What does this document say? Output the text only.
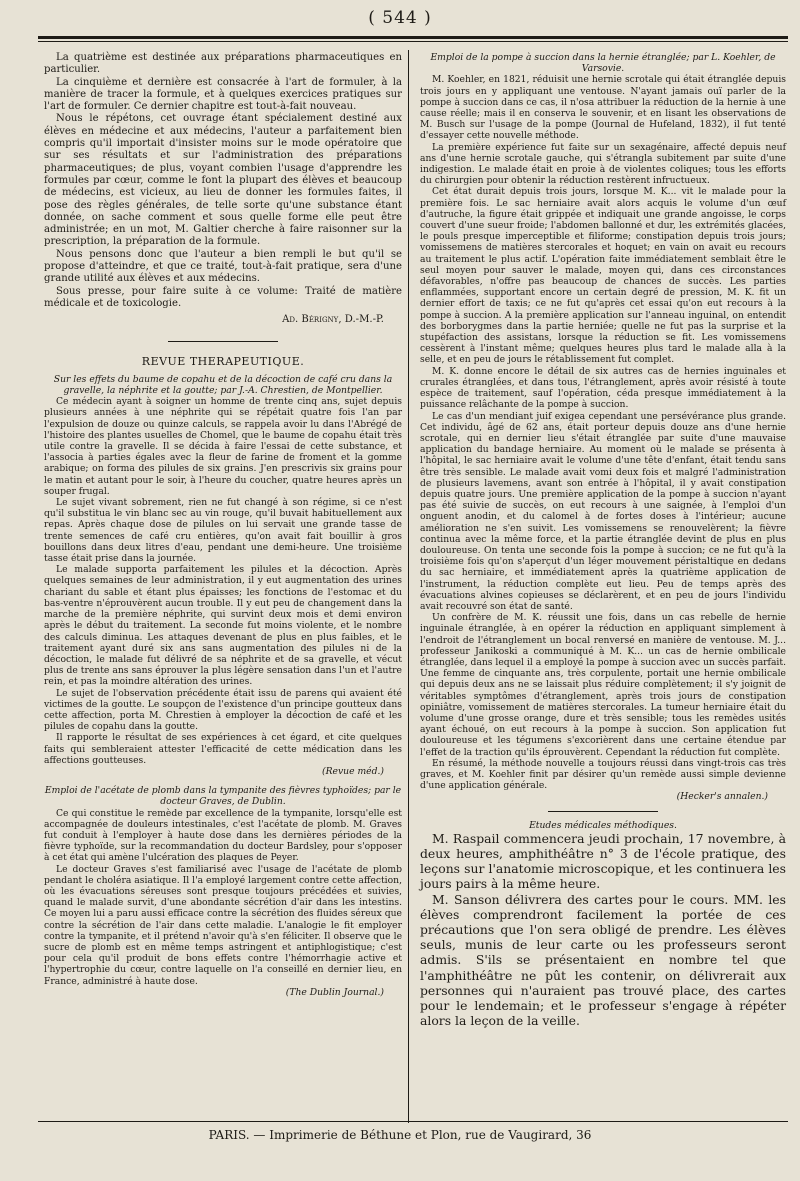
( 544 )

La quatrième est destinée aux préparations pharmaceutiques en particulier.

La cinquième et dernière est consacrée à l'art de formuler, à la manière de tracer la formule, et à quelques exercices pratiques sur l'art de formuler. Ce dernier chapitre est tout-à-fait nouveau.

Nous le répétons, cet ouvrage étant spécialement destiné aux élèves en médecine et aux médecins, l'auteur a parfaitement bien compris qu'il importait d'insister moins sur le mode opératoire que sur ses résultats et sur l'administration des préparations pharmaceutiques; de plus, voyant combien l'usage d'apprendre les formules par cœur, comme le font la plupart des élèves et beaucoup de médecins, est vicieux, au lieu de donner les formules faites, il pose des règles générales, de telle sorte qu'une substance étant donnée, on sache comment et sous quelle forme elle peut être administrée; en un mot, M. Galtier cherche à faire raisonner sur la prescription, la préparation de la formule.

Nous pensons donc que l'auteur a bien rempli le but qu'il se propose d'atteindre, et que ce traité, tout-à-fait pratique, sera d'une grande utilité aux élèves et aux médecins.

Sous presse, pour faire suite à ce volume: Traité de matière médicale et de toxicologie.

Ad. Bérigny, D.-M.-P.
REVUE THERAPEUTIQUE.

Sur les effets du baume de copahu et de la décoction de café cru dans la gravelle, la néphrite et la goutte; par J.-A. Chrestien, de Montpellier.

Ce médecin ayant à soigner un homme de trente cinq ans, sujet depuis plusieurs années à une néphrite qui se répétait quatre fois l'an par l'expulsion de douze ou quinze calculs, se rappela avoir lu dans l'Abrégé de l'histoire des plantes usuelles de Chomel, que le baume de copahu était très utile contre la gravelle. Il se décida à faire l'essai de cette substance, et l'associa à parties égales avec la fleur de farine de froment et la gomme arabique; on forma des pilules de six grains. J'en prescrivis six grains pour le matin et autant pour le soir, à l'heure du coucher, quatre heures après un souper frugal.

Le sujet vivant sobrement, rien ne fut changé à son régime, si ce n'est qu'il substitua le vin blanc sec au vin rouge, qu'il buvait habituellement aux repas. Après chaque dose de pilules on lui servait une grande tasse de trente semences de café cru entières, qu'on avait fait bouillir à gros bouillons dans deux litres d'eau, pendant une demi-heure. Une troisième tasse était prise dans la journée.

Le malade supporta parfaitement les pilules et la décoction. Après quelques semaines de leur administration, il y eut augmentation des urines chariant du sable et étant plus épaisses; les fonctions de l'estomac et du bas-ventre n'éprouvèrent aucun trouble. Il y eut peu de changement dans la marche de la première néphrite, qui survint deux mois et demi environ après le début du traitement. La seconde fut moins violente, et le nombre des calculs diminua. Les attaques devenant de plus en plus faibles, et le traitement ayant duré six ans sans augmentation des pilules ni de la décoction, le malade fut délivré de sa néphrite et de sa gravelle, et vécut plus de trente ans sans éprouver la plus légère sensation dans l'un et l'autre rein, et pas la moindre altération des urines.

Le sujet de l'observation précédente était issu de parens qui avaient été victimes de la goutte. Le soupçon de l'existence d'un principe goutteux dans cette affection, porta M. Chrestien à employer la décoction de café et les pilules de copahu dans la goutte.

Il rapporte le résultat de ses expériences à cet égard, et cite quelques faits qui sembleraient attester l'efficacité de cette médication dans les affections goutteuses.

(Revue méd.)

Emploi de l'acétate de plomb dans la tympanite des fièvres typhoïdes; par le docteur Graves, de Dublin.

Ce qui constitue le remède par excellence de la tympanite, lorsqu'elle est accompagnée de douleurs intestinales, c'est l'acétate de plomb. M. Graves fut conduit à l'employer à haute dose dans les dernières périodes de la fièvre typhoïde, sur la recommandation du docteur Bardsley, pour s'opposer à cet état qui amène l'ulcération des plaques de Peyer.

Le docteur Graves s'est familiarisé avec l'usage de l'acétate de plomb pendant le choléra asiatique. Il l'a employé largement contre cette affection, où les évacuations séreuses sont presque toujours précédées et suivies, quand le malade survit, d'une abondante sécrétion d'air dans les intestins. Ce moyen lui a paru aussi efficace contre la sécrétion des fluides séreux que contre la sécrétion de l'air dans cette maladie. L'analogie le fit employer contre la tympanite, et il prétend n'avoir qu'à s'en féliciter. Il observe que le sucre de plomb est en même temps astringent et antiphlogistique; c'est pour cela qu'il produit de bons effets contre l'hémorrhagie active et l'hypertrophie du cœur, contre laquelle on l'a conseillé en dernier lieu, en France, administré à haute dose.

(The Dublin Journal.)

Emploi de la pompe à succion dans la hernie étranglée; par L. Koehler, de Varsovie.

M. Koehler, en 1821, réduisit une hernie scrotale qui était étranglée depuis trois jours en y appliquant une ventouse. N'ayant jamais ouï parler de la pompe à succion dans ce cas, il n'osa attribuer la réduction de la hernie à une cause réelle; mais il en conserva le souvenir, et en lisant les observations de M. Busch sur l'usage de la pompe (Journal de Hufeland, 1832), il fut tenté d'essayer cette nouvelle méthode.

La première expérience fut faite sur un sexagénaire, affecté depuis neuf ans d'une hernie scrotale gauche, qui s'étrangla subitement par suite d'une indigestion. Le malade était en proie à de violentes coliques; tous les efforts du chirurgien pour obtenir la réduction restèrent infructueux.

Cet état durait depuis trois jours, lorsque M. K... vit le malade pour la première fois. Le sac herniaire avait alors acquis le volume d'un œuf d'autruche, la figure était grippée et indiquait une grande angoisse, le corps couvert d'une sueur froide; l'abdomen ballonné et dur, les extrémités glacées, le pouls presque imperceptible et filiforme; constipation depuis trois jours; vomissemens de matières stercorales et hoquet; en vain on avait eu recours au traitement le plus actif. L'opération faite immédiatement semblait être le seul moyen pour sauver le malade, moyen qui, dans ces circonstances défavorables, n'offre pas beaucoup de chances de succès. Les parties enflammées, supportant encore un certain degré de pression, M. K. fit un dernier effort de taxis; ce ne fut qu'après cet essai qu'on eut recours à la pompe à succion. A la première application sur l'anneau inguinal, on entendit des borborygmes dans la partie herniée; quelle ne fut pas la surprise et la stupéfaction des assistans, lorsque la réduction se fit. Les vomissemens cessèrent à l'instant même; quelques heures plus tard le malade alla à la selle, et en peu de jours le rétablissement fut complet.

M. K. donne encore le détail de six autres cas de hernies inguinales et crurales étranglées, et dans tous, l'étranglement, après avoir résisté à toute espèce de traitement, sauf l'opération, céda presque immédiatement à la puissance relâchante de la pompe à succion.

Le cas d'un mendiant juif exigea cependant une persévérance plus grande. Cet individu, âgé de 62 ans, était porteur depuis douze ans d'une hernie scrotale, qui en dernier lieu s'était étranglée par suite d'une mauvaise application du bandage herniaire. Au moment où le malade se présenta à l'hôpital, le sac herniaire avait le volume d'une tête d'enfant, était tendu sans être très sensible. Le malade avait vomi deux fois et malgré l'administration de plusieurs lavemens, avant son entrée à l'hôpital, il y avait constipation depuis quatre jours. Une première application de la pompe à succion n'ayant pas été suivie de succès, on eut recours à une saignée, à l'emploi d'un onguent anodin, et du calomel à de fortes doses à l'intérieur; aucune amélioration ne s'en suivit. Les vomissemens se renouvelèrent; la fièvre continua avec la même force, et la partie étranglée devint de plus en plus douloureuse. On tenta une seconde fois la pompe à succion; ce ne fut qu'à la troisième fois qu'on s'aperçut d'un léger mouvement péristaltique en dedans du sac herniaire, et immédiatement après la quatrième application de l'instrument, la réduction complète eut lieu. Peu de temps après des évacuations alvines copieuses se déclarèrent, et en peu de jours l'individu avait recouvré son état de santé.

Un confrère de M. K. réussit une fois, dans un cas rebelle de hernie inguinale étranglée, à en opérer la réduction en appliquant simplement à l'endroit de l'étranglement un bocal renversé en manière de ventouse. M. J... professeur Janikoski a communiqué à M. K... un cas de hernie ombilicale étranglée, dans lequel il a employé la pompe à succion avec un succès parfait. Une femme de cinquante ans, très corpulente, portait une hernie ombilicale qui depuis deux ans ne se laissait plus réduire complètement; il s'y joignit de véritables symptômes d'étranglement, après trois jours de constipation opiniâtre, vomissement de matières stercorales. La tumeur herniaire était du volume d'une grosse orange, dure et très sensible; tous les remèdes usités ayant échoué, on eut recours à la pompe à succion. Son application fut douloureuse et les tégumens s'excorièrent dans une certaine étendue par l'effet de la traction qu'ils éprouvèrent. Cependant la réduction fut complète.

En résumé, la méthode nouvelle a toujours réussi dans vingt-trois cas très graves, et M. Koehler finit par désirer qu'un remède aussi simple devienne d'une application générale.

(Hecker's annalen.)

Etudes médicales méthodiques.

M. Raspail commencera jeudi prochain, 17 novembre, à deux heures, amphithéâtre n° 3 de l'école pratique, des leçons sur l'anatomie microscopique, et les continuera les jours pairs à la même heure.

M. Sanson délivrera des cartes pour le cours. MM. les élèves comprendront facilement la portée de ces précautions que l'on sera obligé de prendre. Les élèves seuls, munis de leur carte ou les professeurs seront admis. S'ils se présentaient en nombre tel que l'amphithéâtre ne pût les contenir, on délivrerait aux personnes qui n'auraient pas trouvé place, des cartes pour le lendemain; et le professeur s'engage à répéter alors la leçon de la veille.

PARIS. — Imprimerie de Béthune et Plon, rue de Vaugirard, 36
